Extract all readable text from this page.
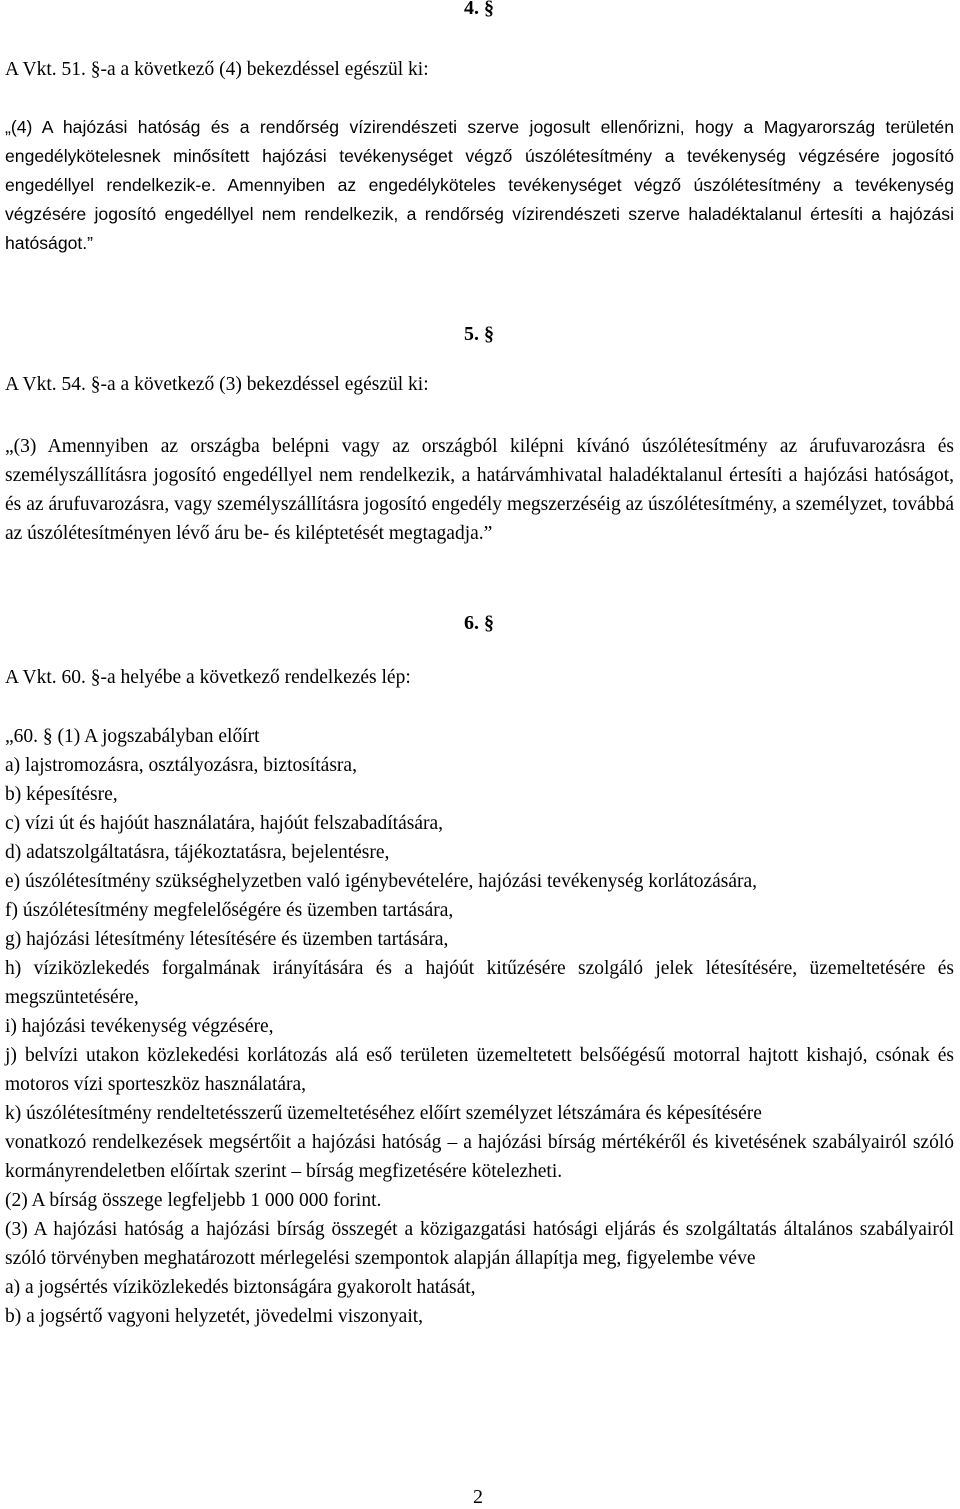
4. §
A Vkt. 51. §-a a következő (4) bekezdéssel egészül ki:

„(4) A hajózási hatóság és a rendőrség vízirendészeti szerve jogosult ellenőrizni, hogy a Magyarország területén engedélykötelesnek minősített hajózási tevékenységet végző úszólétesítmény a tevékenység végzésére jogosító engedéllyel rendelkezik-e. Amennyiben az engedélyköteles tevékenységet végző úszólétesítmény a tevékenység végzésére jogosító engedéllyel nem rendelkezik, a rendőrség vízirendészeti szerve haladéktalanul értesíti a hajózási hatóságot.”

5. §
A Vkt. 54. §-a a következő (3) bekezdéssel egészül ki:

„(3) Amennyiben az országba belépni vagy az országból kilépni kívánó úszólétesítmény az árufuvarozásra és személyszállításra jogosító engedéllyel nem rendelkezik, a határvámhivatal haladéktalanul értesíti a hajózási hatóságot, és az árufuvarozásra, vagy személyszállításra jogosító engedély megszerzéséig az úszólétesítmény, a személyzet, továbbá az úszólétesítményen lévő áru be- és kiléptetését megtagadja.”

6. §
A Vkt. 60. §-a helyébe a következő rendelkezés lép:

„60. § (1) A jogszabályban előírt

a) lajstromozásra, osztályozásra, biztosításra,

b) képesítésre,

c) vízi út és hajóút használatára, hajóút felszabadítására,

d) adatszolgáltatásra, tájékoztatásra, bejelentésre,

e) úszólétesítmény szükséghelyzetben való igénybevételére, hajózási tevékenység korlátozására,

f) úszólétesítmény megfelelőségére és üzemben tartására,

g) hajózási létesítmény létesítésére és üzemben tartására,

h) víziközlekedés forgalmának irányítására és a hajóút kitűzésére szolgáló jelek létesítésére, üzemeltetésére és megszüntetésére,

i) hajózási tevékenység végzésére,

j) belvízi utakon közlekedési korlátozás alá eső területen üzemeltetett belsőégésű motorral hajtott kishajó, csónak és motoros vízi sporteszköz használatára,

k) úszólétesítmény rendeltetésszerű üzemeltetéséhez előírt személyzet létszámára és képesítésére

vonatkozó rendelkezések megsértőit a hajózási hatóság – a hajózási bírság mértékéről és kivetésének szabályairól szóló kormányrendeletben előírtak szerint – bírság megfizetésére kötelezheti.

(2) A bírság összege legfeljebb 1 000 000 forint.

(3) A hajózási hatóság a hajózási bírság összegét a közigazgatási hatósági eljárás és szolgáltatás általános szabályairól szóló törvényben meghatározott mérlegelési szempontok alapján állapítja meg, figyelembe véve

a) a jogsértés víziközlekedés biztonságára gyakorolt hatását,

b) a jogsértő vagyoni helyzetét, jövedelmi viszonyait,

2
